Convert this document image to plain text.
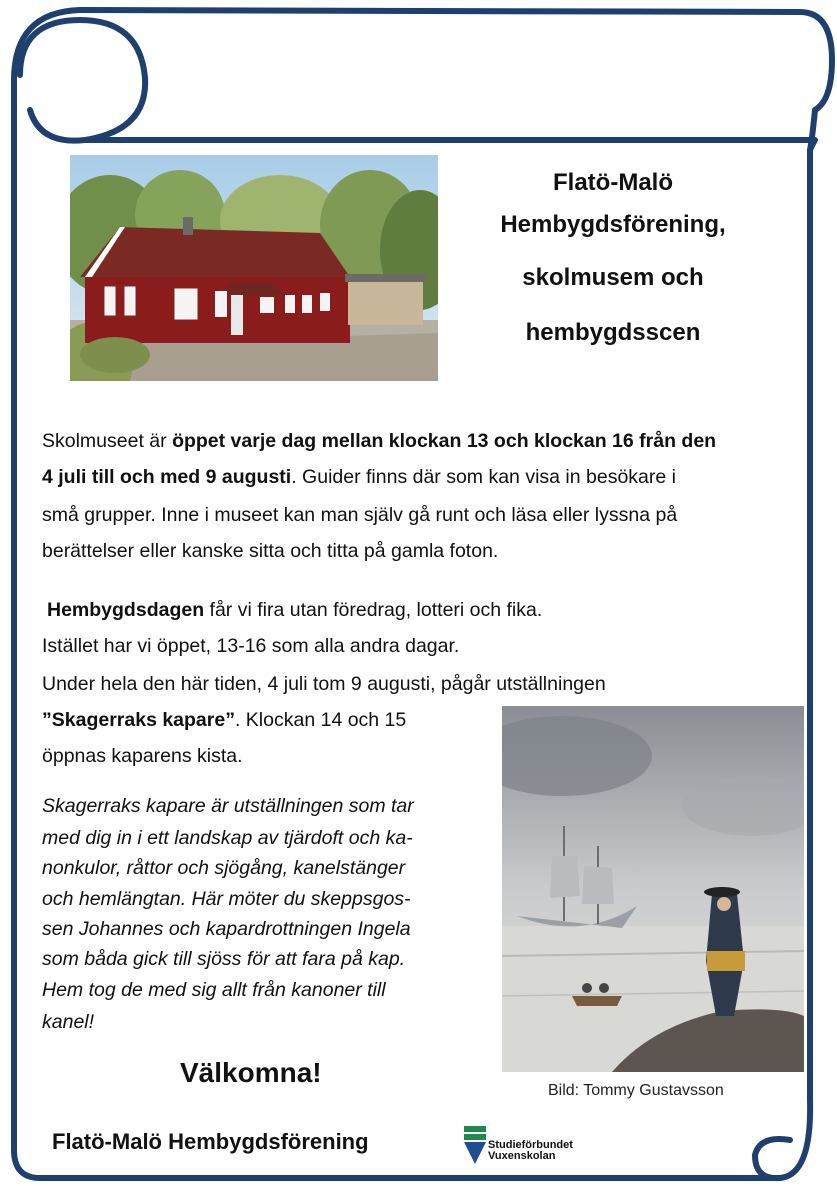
Flatö-Malö
Hembygdsförening,
skolmusem och
hembygdsscen
Skolmuseet är öppet varje dag mellan klockan 13 och klockan 16 från den
4 juli till och med 9 augusti. Guider finns där som kan visa in besökare i
små grupper. Inne i museet kan man själv gå runt och läsa eller lyssna på
berättelser eller kanske sitta och titta på gamla foton.
Hembygdsdagen får vi fira utan föredrag, lotteri och fika.
Istället har vi öppet, 13-16 som alla andra dagar.
Under hela den här tiden, 4 juli tom 9 augusti, pågår utställningen
”Skagerraks kapare”. Klockan 14 och 15
öppnas kaparens kista.
Skagerraks kapare är utställningen som tar
med dig in i ett landskap av tjärdoft och ka-
nonkulor, råttor och sjögång, kanelstänger
och hemlängtan. Här möter du skeppsgos-
sen Johannes och kapardrottningen Ingela
som båda gick till sjöss för att fara på kap.
Hem tog de med sig allt från kanoner till
kanel!
Bild: Tommy Gustavsson
Välkomna!
Flatö-Malö Hembygdsförening	Studieförbundet
Vuxenskolan
